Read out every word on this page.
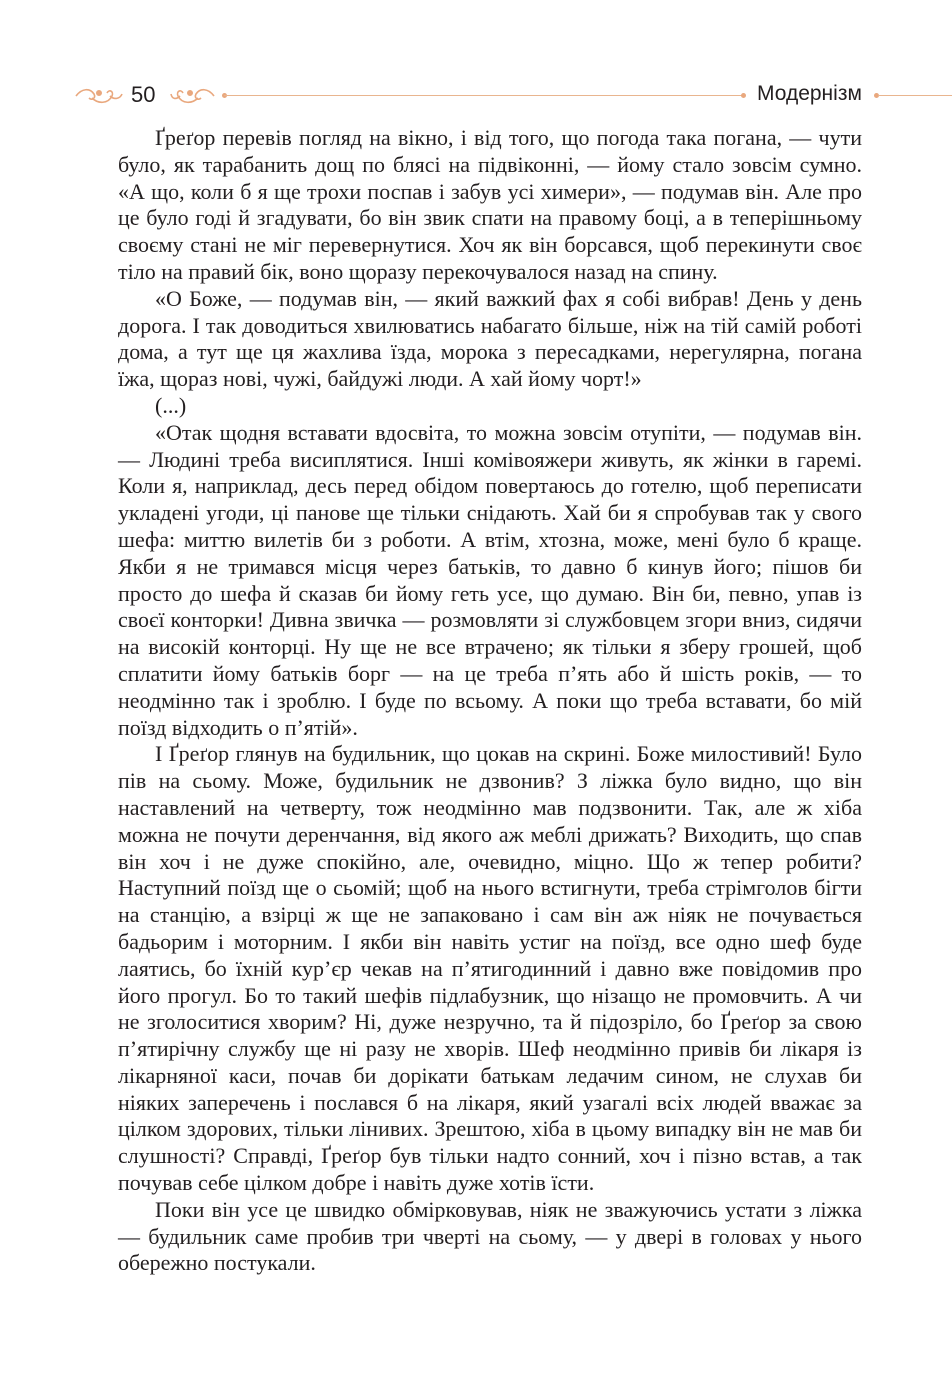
50	Модернізм

Ґреґор перевів погляд на вікно, і від того, що погода така погана, — чути було, як тарабанить дощ по блясі на підвіконні, — йому стало зовсім сумно. «А що, коли б я ще трохи поспав і забув усі химери», — подумав він. Але про це було годі й згадувати, бо він звик спати на правому боці, а в теперішньому своєму стані не міг перевернутися. Хоч як він борсався, щоб перекинути своє тіло на правий бік, воно щоразу перекочувалося назад на спину.

«О Боже, — подумав він, — який важкий фах я собі вибрав! День у день дорога. І так доводиться хвилюватись набагато більше, ніж на тій самій роботі дома, а тут ще ця жахлива їзда, морока з пересадками, нерегулярна, погана їжа, щораз нові, чужі, байдужі люди. А хай йому чорт!»

(...)

«Отак щодня вставати вдосвіта, то можна зовсім отупіти, — подумав він. — Людині треба висиплятися. Інші комівояжери живуть, як жінки в гаремі. Коли я, наприклад, десь перед обідом повертаюсь до готелю, щоб переписати укладені угоди, ці панове ще тільки снідають. Хай би я спробував так у свого шефа: миттю вилетів би з роботи. А втім, хтозна, може, мені було б краще. Якби я не тримався місця через батьків, то давно б кинув його; пішов би просто до шефа й сказав би йому геть усе, що думаю. Він би, певно, упав із своєї конторки! Дивна звичка — розмовляти зі службовцем згори вниз, сидячи на високій конторці. Ну ще не все втрачено; як тільки я зберу грошей, щоб сплатити йому батьків борг — на це треба п’ять або й шість років, — то неодмінно так і зроблю. І буде по всьому. А поки що треба вставати, бо мій поїзд відходить о п’ятій».

І Ґреґор глянув на будильник, що цокав на скрині. Боже милостивий! Було пів на сьому. Може, будильник не дзвонив? З ліжка було видно, що він наставлений на четверту, тож неодмінно мав подзвонити. Так, але ж хіба можна не почути деренчання, від якого аж меблі дрижать? Виходить, що спав він хоч і не дуже спокійно, але, очевидно, міцно. Що ж тепер робити? Наступний поїзд ще о сьомій; щоб на нього встигнути, треба стрімголов бігти на станцію, а взірці ж ще не запаковано і сам він аж ніяк не почувається бадьорим і моторним. І якби він навіть устиг на поїзд, все одно шеф буде лаятись, бо їхній кур’єр чекав на п’ятигодинний і давно вже повідомив про його прогул. Бо то такий шефів підлабузник, що нізащо не промовчить. А чи не зголоситися хворим? Ні, дуже незручно, та й підозріло, бо Ґреґор за свою п’ятирічну службу ще ні разу не хворів. Шеф неодмінно привів би лікаря із лікарняної каси, почав би дорікати батькам ледачим сином, не слухав би ніяких заперечень і послався б на лікаря, який узагалі всіх людей вважає за цілком здорових, тільки лінивих. Зрештою, хіба в цьому випадку він не мав би слушності? Справді, Ґреґор був тільки надто сонний, хоч і пізно встав, а так почував себе цілком добре і навіть дуже хотів їсти.

Поки він усе це швидко обмірковував, ніяк не зважуючись устати з ліжка — будильник саме пробив три чверті на сьому, — у двері в головах у нього обережно постукали.
